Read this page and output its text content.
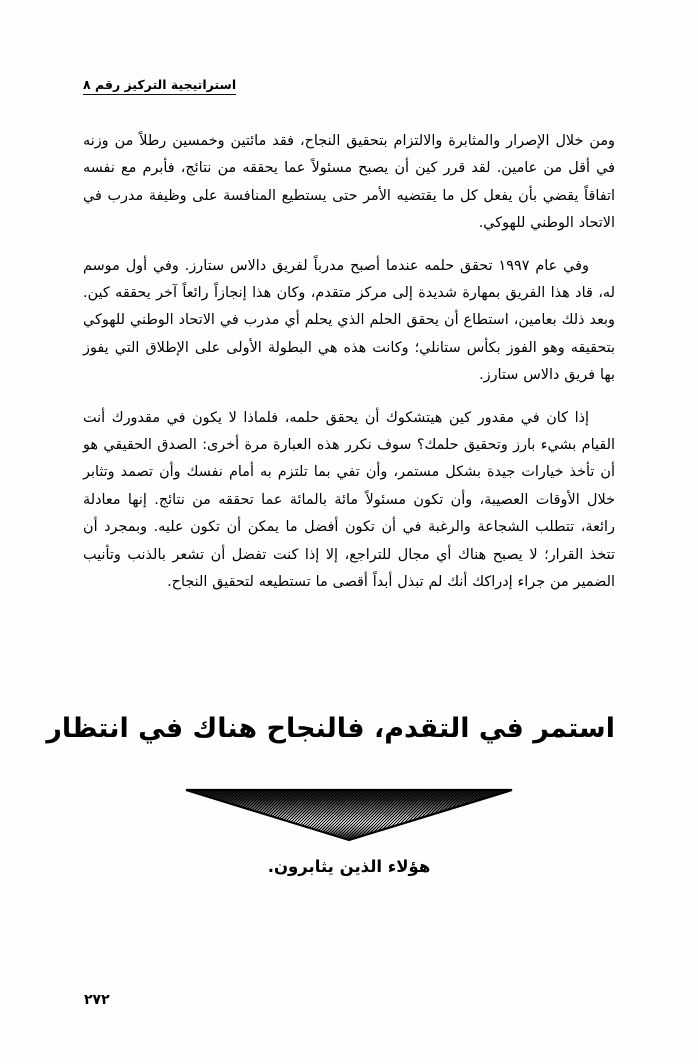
استراتيجية التركيز رقم ٨

ومن خلال الإصرار والمثابرة والالتزام بتحقيق النجاح، فقد مائتين وخمسين رطلاً من وزنه في أقل من عامين. لقد قرر كين أن يصبح مسئولاً عما يحققه من نتائج، فأبرم مع نفسه اتفاقاً يقضي بأن يفعل كل ما يقتضيه الأمر حتى يستطيع المنافسة على وظيفة مدرب في الاتحاد الوطني للهوكي.

وفي عام ١٩٩٧ تحقق حلمه عندما أصبح مدرباً لفريق دالاس ستارز. وفي أول موسم له، قاد هذا الفريق بمهارة شديدة إلى مركز متقدم، وكان هذا إنجازاً رائعاً آخر يحققه كين. وبعد ذلك بعامين، استطاع أن يحقق الحلم الذي يحلم أي مدرب في الاتحاد الوطني للهوكي بتحقيقه وهو الفوز بكأس ستانلي؛ وكانت هذه هي البطولة الأولى على الإطلاق التي يفوز بها فريق دالاس ستارز.

إذا كان في مقدور كين هيتشكوك أن يحقق حلمه، فلماذا لا يكون في مقدورك أنت القيام بشيء بارز وتحقيق حلمك؟ سوف نكرر هذه العبارة مرة أخرى: الصدق الحقيقي هو أن تأخذ خيارات جيدة بشكل مستمر، وأن تفي بما تلتزم به أمام نفسك وأن تصمد وتثابر خلال الأوقات العصيبة، وأن تكون مسئولاً مائة بالمائة عما تحققه من نتائج. إنها معادلة رائعة، تتطلب الشجاعة والرغبة في أن تكون أفضل ما يمكن أن تكون عليه. وبمجرد أن تتخذ القرار؛ لا يصبح هناك أي مجال للتراجع، إلا إذا كنت تفضل أن تشعر بالذنب وتأنيب الضمير من جراء إدراكك أنك لم تبذل أبداً أقصى ما تستطيعه لتحقيق النجاح.

استمر في التقدم، فالنجاح هناك في انتظار
هؤلاء الذين يثابرون.
٢٧٢
